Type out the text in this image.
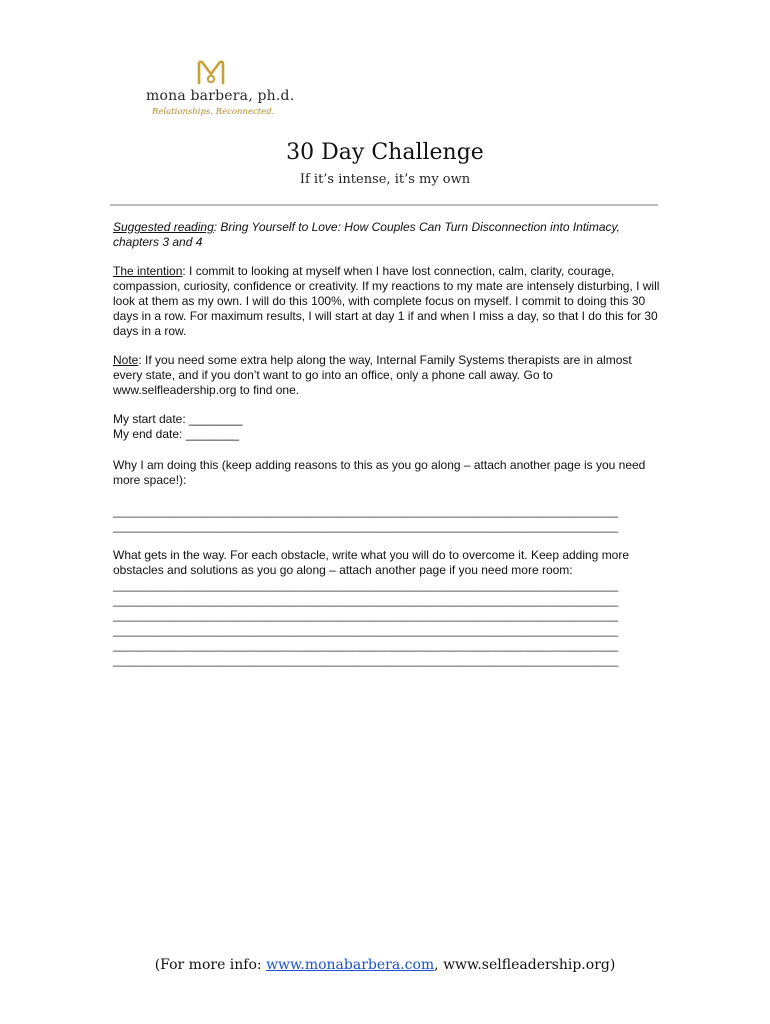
mona barbera, ph.d.
Relationships. Reconnected.
30 Day Challenge
If it’s intense, it’s my own

Suggested reading: Bring Yourself to Love: How Couples Can Turn Disconnection into Intimacy, chapters 3 and 4

The intention: I commit to looking at myself when I have lost connection, calm, clarity, courage, compassion, curiosity, confidence or creativity. If my reactions to my mate are intensely disturbing, I will look at them as my own. I will do this 100%, with complete focus on myself. I commit to doing this 30 days in a row. For maximum results, I will start at day 1 if and when I miss a day, so that I do this for 30 days in a row.

Note: If you need some extra help along the way, Internal Family Systems therapists are in almost every state, and if you don’t want to go into an office, only a phone call away. Go to www.selfleadership.org to find one.

My start date: ________
My end date: ________

Why I am doing this (keep adding reasons to this as you go along – attach another page is you need more space!):

______________________________________________________________________________
______________________________________________________________________________

What gets in the way. For each obstacle, write what you will do to overcome it. Keep adding more obstacles and solutions as you go along – attach another page if you need more room:

______________________________________________________________________________
______________________________________________________________________________
______________________________________________________________________________
______________________________________________________________________________
______________________________________________________________________________
______________________________________________________________________________
(For more info: www.monabarbera.com, www.selfleadership.org)
